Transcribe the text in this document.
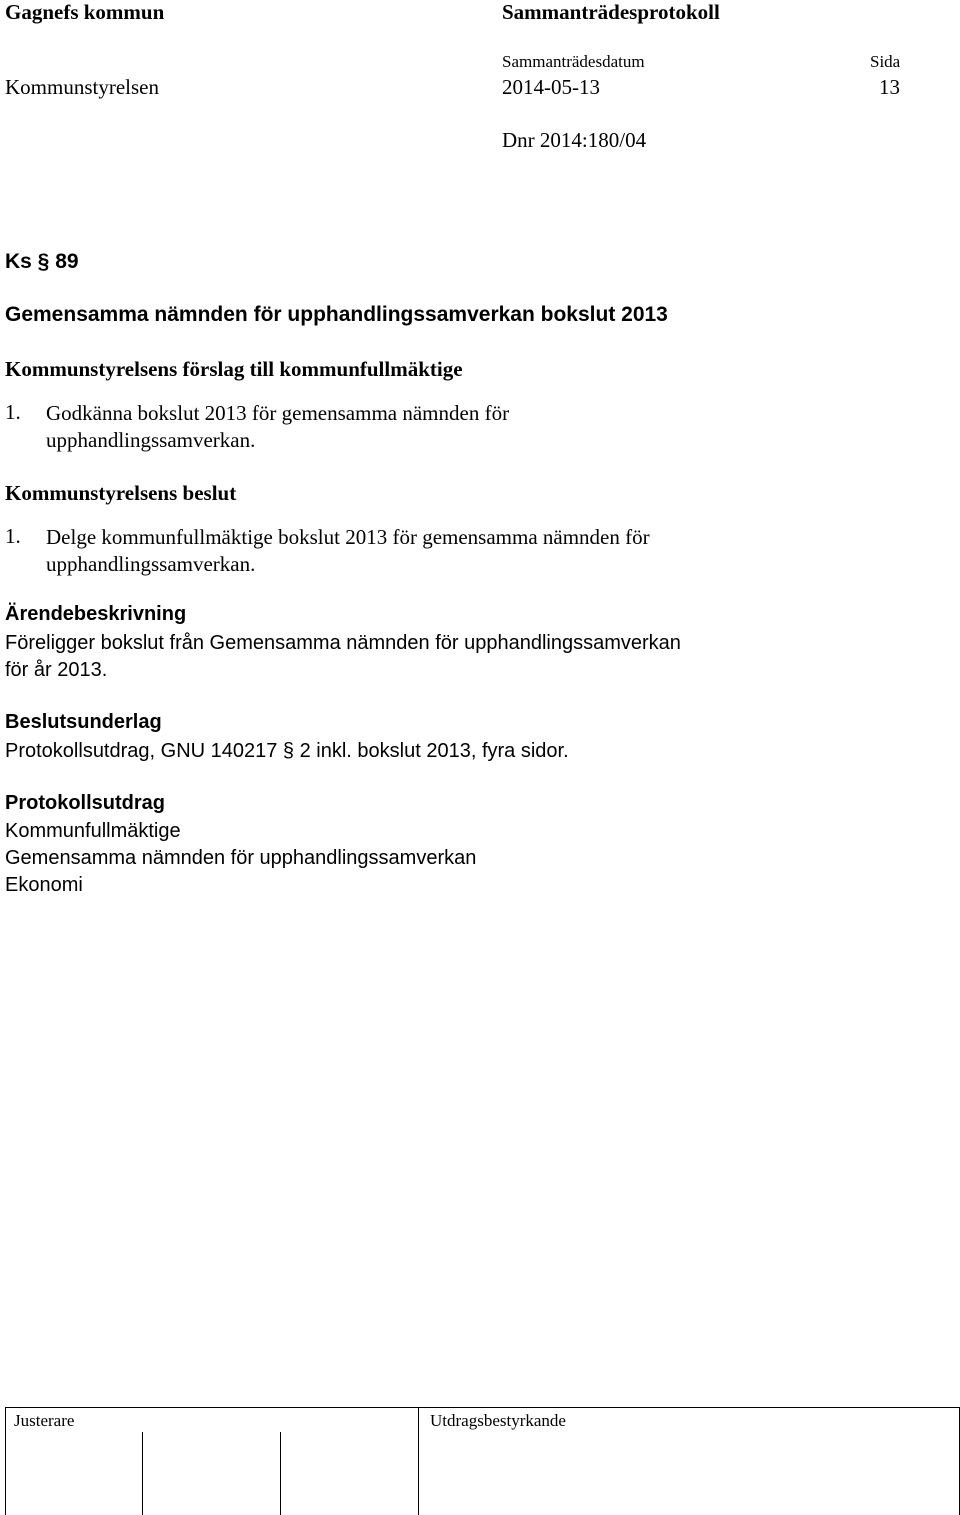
Gagnefs kommun	Sammanträdesprotokoll
Sammanträdesdatum	Sida
Kommunstyrelsen	2014-05-13	13
Dnr 2014:180/04
Ks § 89
Gemensamma nämnden för upphandlingssamverkan bokslut 2013
Kommunstyrelsens förslag till kommunfullmäktige
1. Godkänna bokslut 2013 för gemensamma nämnden för
upphandlingssamverkan.
Kommunstyrelsens beslut
1. Delge kommunfullmäktige bokslut 2013 för gemensamma nämnden för
upphandlingssamverkan.
Ärendebeskrivning
Föreligger bokslut från Gemensamma nämnden för upphandlingssamverkan
för år 2013.
Beslutsunderlag
Protokollsutdrag, GNU 140217 § 2 inkl. bokslut 2013, fyra sidor.
Protokollsutdrag
Kommunfullmäktige
Gemensamma nämnden för upphandlingssamverkan
Ekonomi
Justerare	Utdragsbestyrkande
